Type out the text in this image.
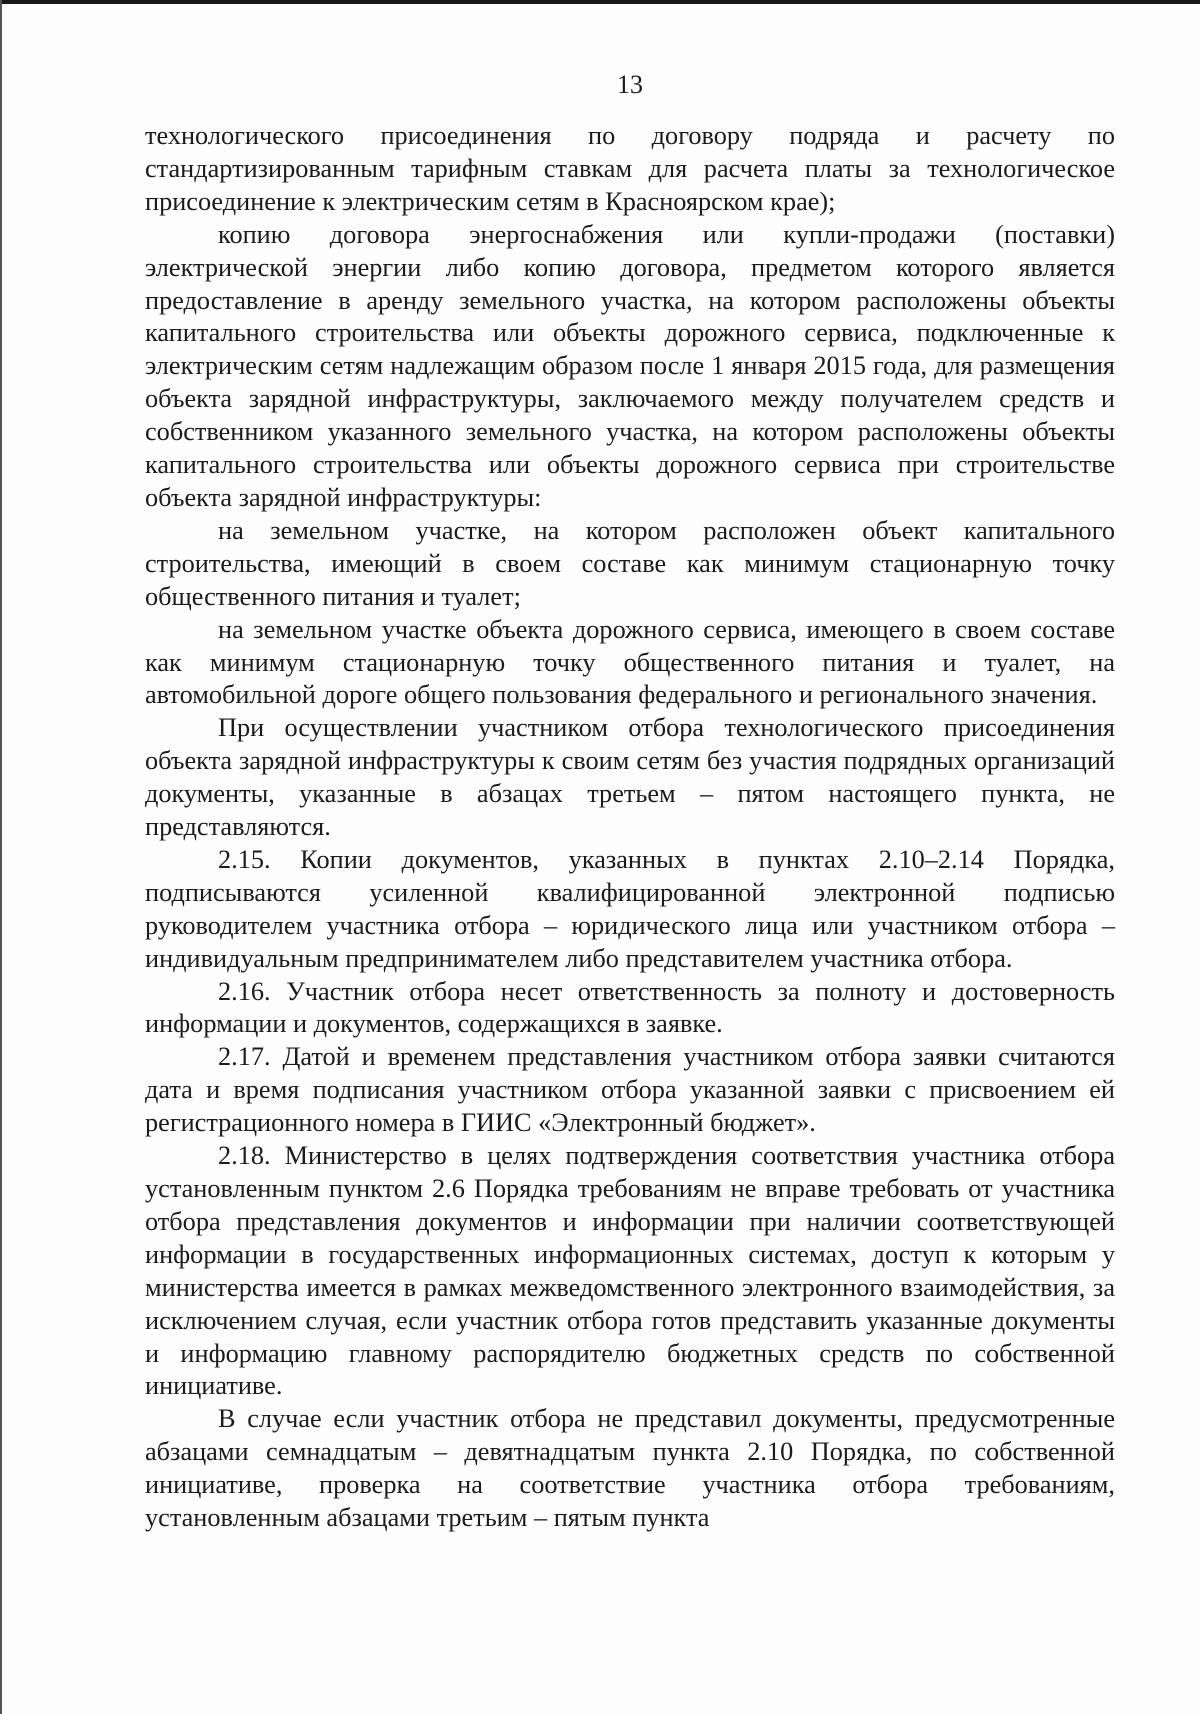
13

технологического присоединения по договору подряда и расчету по стандартизированным тарифным ставкам для расчета платы за технологическое присоединение к электрическим сетям в Красноярском крае);

копию договора энергоснабжения или купли-продажи (поставки) электрической энергии либо копию договора, предметом которого является предоставление в аренду земельного участка, на котором расположены объекты капитального строительства или объекты дорожного сервиса, подключенные к электрическим сетям надлежащим образом после 1 января 2015 года, для размещения объекта зарядной инфраструктуры, заключаемого между получателем средств и собственником указанного земельного участка, на котором расположены объекты капитального строительства или объекты дорожного сервиса при строительстве объекта зарядной инфраструктуры:

на земельном участке, на котором расположен объект капитального строительства, имеющий в своем составе как минимум стационарную точку общественного питания и туалет;

на земельном участке объекта дорожного сервиса, имеющего в своем составе как минимум стационарную точку общественного питания и туалет, на автомобильной дороге общего пользования федерального и регионального значения.

При осуществлении участником отбора технологического присоединения объекта зарядной инфраструктуры к своим сетям без участия подрядных организаций документы, указанные в абзацах третьем – пятом настоящего пункта, не представляются.

2.15. Копии документов, указанных в пунктах 2.10–2.14 Порядка, подписываются усиленной квалифицированной электронной подписью руководителем участника отбора – юридического лица или участником отбора – индивидуальным предпринимателем либо представителем участника отбора.

2.16. Участник отбора несет ответственность за полноту и достоверность информации и документов, содержащихся в заявке.

2.17. Датой и временем представления участником отбора заявки считаются дата и время подписания участником отбора указанной заявки с присвоением ей регистрационного номера в ГИИС «Электронный бюджет».

2.18. Министерство в целях подтверждения соответствия участника отбора установленным пунктом 2.6 Порядка требованиям не вправе требовать от участника отбора представления документов и информации при наличии соответствующей информации в государственных информационных системах, доступ к которым у министерства имеется в рамках межведомственного электронного взаимодействия, за исключением случая, если участник отбора готов представить указанные документы и информацию главному распорядителю бюджетных средств по собственной инициативе.

В случае если участник отбора не представил документы, предусмотренные абзацами семнадцатым – девятнадцатым пункта 2.10 Порядка, по собственной инициативе, проверка на соответствие участника отбора требованиям, установленным абзацами третьим – пятым пункта
